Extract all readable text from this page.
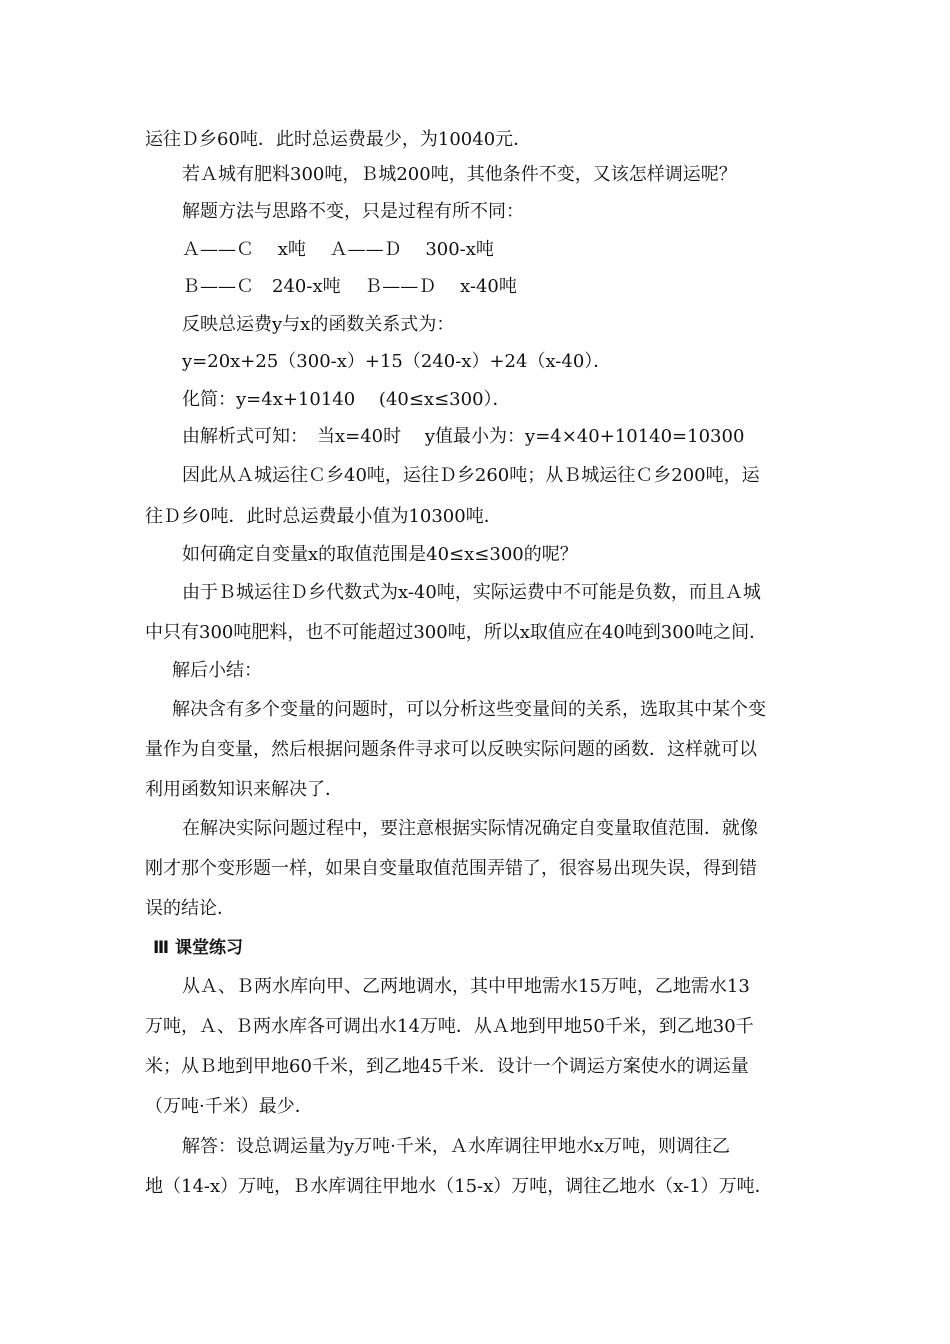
运往Ｄ乡60吨．此时总运费最少，为10040元．
若Ａ城有肥料300吨，Ｂ城200吨，其他条件不变，又该怎样调运呢？
解题方法与思路不变，只是过程有所不同：
Ａ——Ｃ　 x吨　 Ａ——Ｄ　 300-x吨
Ｂ——Ｃ　240-x吨　 Ｂ——Ｄ　 x-40吨
反映总运费y与x的函数关系式为：
y=20x+25（300-x）+15（240-x）+24（x-40）．
化简：y=4x+10140　 (40≤x≤300）．
由解析式可知：　当x=40时　 y值最小为：y=4×40+10140=10300
因此从Ａ城运往Ｃ乡40吨，运往Ｄ乡260吨；从Ｂ城运往Ｃ乡200吨，运
往Ｄ乡0吨．此时总运费最小值为10300吨．
如何确定自变量x的取值范围是40≤x≤300的呢？
由于Ｂ城运往Ｄ乡代数式为x-40吨，实际运费中不可能是负数，而且Ａ城
中只有300吨肥料，也不可能超过300吨，所以x取值应在40吨到300吨之间．
解后小结：
解决含有多个变量的问题时，可以分析这些变量间的关系，选取其中某个变
量作为自变量，然后根据问题条件寻求可以反映实际问题的函数．这样就可以
利用函数知识来解决了．
在解决实际问题过程中，要注意根据实际情况确定自变量取值范围．就像
刚才那个变形题一样，如果自变量取值范围弄错了，很容易出现失误，得到错
误的结论．
Ⅲ 课堂练习
从Ａ、Ｂ两水库向甲、乙两地调水，其中甲地需水15万吨，乙地需水13
万吨，Ａ、Ｂ两水库各可调出水14万吨．从Ａ地到甲地50千米，到乙地30千
米；从Ｂ地到甲地60千米，到乙地45千米．设计一个调运方案使水的调运量
（万吨·千米）最少．
解答：设总调运量为y万吨·千米，Ａ水库调往甲地水x万吨，则调往乙
地（14-x）万吨，Ｂ水库调往甲地水（15-x）万吨，调往乙地水（x-1）万吨．
